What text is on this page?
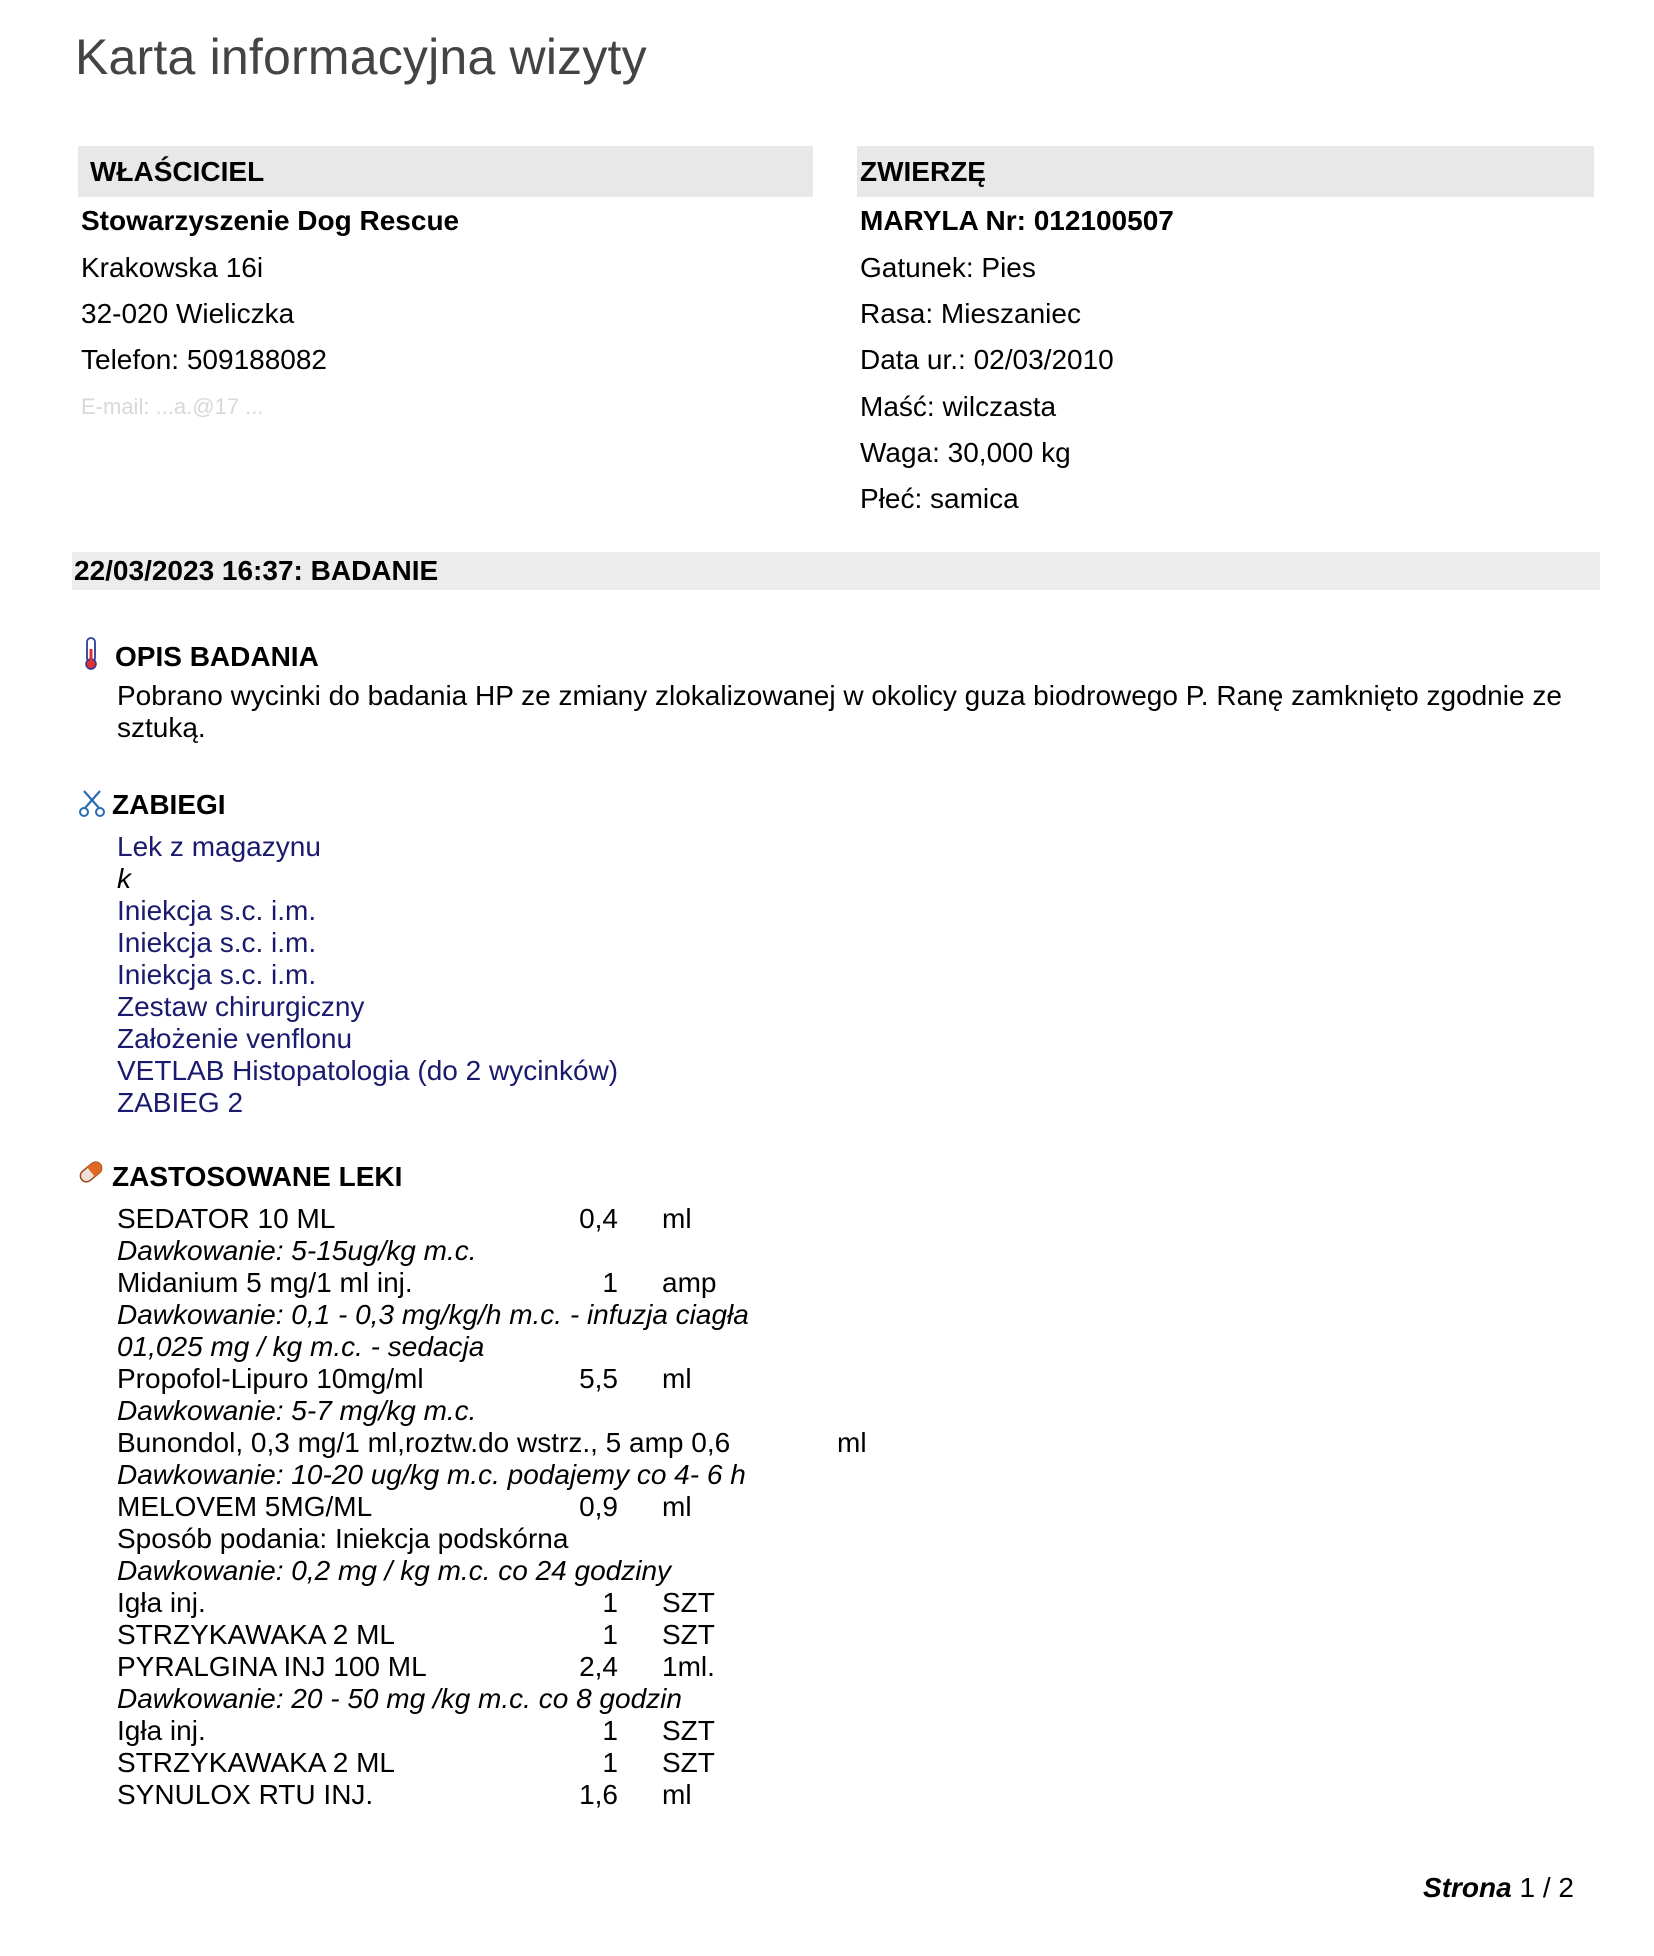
Karta informacyjna wizyty
WŁAŚCICIEL
Stowarzyszenie Dog Rescue
Krakowska 16i
32-020 Wieliczka
Telefon: 509188082
E-mail: ...a.@17 ...
ZWIERZĘ
MARYLA Nr: 012100507
Gatunek: Pies
Rasa: Mieszaniec
Data ur.: 02/03/2010
Maść: wilczasta
Waga: 30,000 kg
Płeć: samica
22/03/2023 16:37: BADANIE
OPIS BADANIA
Pobrano wycinki do badania HP ze zmiany zlokalizowanej w okolicy guza biodrowego P. Ranę zamknięto zgodnie ze sztuką.
ZABIEGI
Lek z magazynu
k
Iniekcja s.c. i.m.
Iniekcja s.c. i.m.
Iniekcja s.c. i.m.
Zestaw chirurgiczny
Założenie venflonu
VETLAB Histopatologia (do 2 wycinków)
ZABIEG 2
ZASTOSOWANE LEKI
SEDATOR 10 ML	0,4 ml
Dawkowanie: 5-15ug/kg m.c.
Midanium 5 mg/1 ml inj.	1 amp
Dawkowanie: 0,1 - 0,3 mg/kg/h m.c. - infuzja ciagła
01,025 mg / kg m.c. - sedacja
Propofol-Lipuro 10mg/ml	5,5 ml
Dawkowanie: 5-7 mg/kg m.c.
Bunondol, 0,3 mg/1 ml,roztw.do wstrz., 5 amp 0,6	ml
Dawkowanie: 10-20 ug/kg m.c. podajemy co 4- 6 h
MELOVEM 5MG/ML	0,9 ml
Sposób podania: Iniekcja podskórna
Dawkowanie: 0,2 mg / kg m.c. co 24 godziny
Igła inj.	1 SZT
STRZYKAWAKA 2 ML	1 SZT
PYRALGINA INJ 100 ML	2,4 1ml.
Dawkowanie: 20 - 50 mg /kg m.c. co 8 godzin
Igła inj.	1 SZT
STRZYKAWAKA 2 ML	1 SZT
SYNULOX RTU INJ.	1,6 ml
Strona 1 / 2
